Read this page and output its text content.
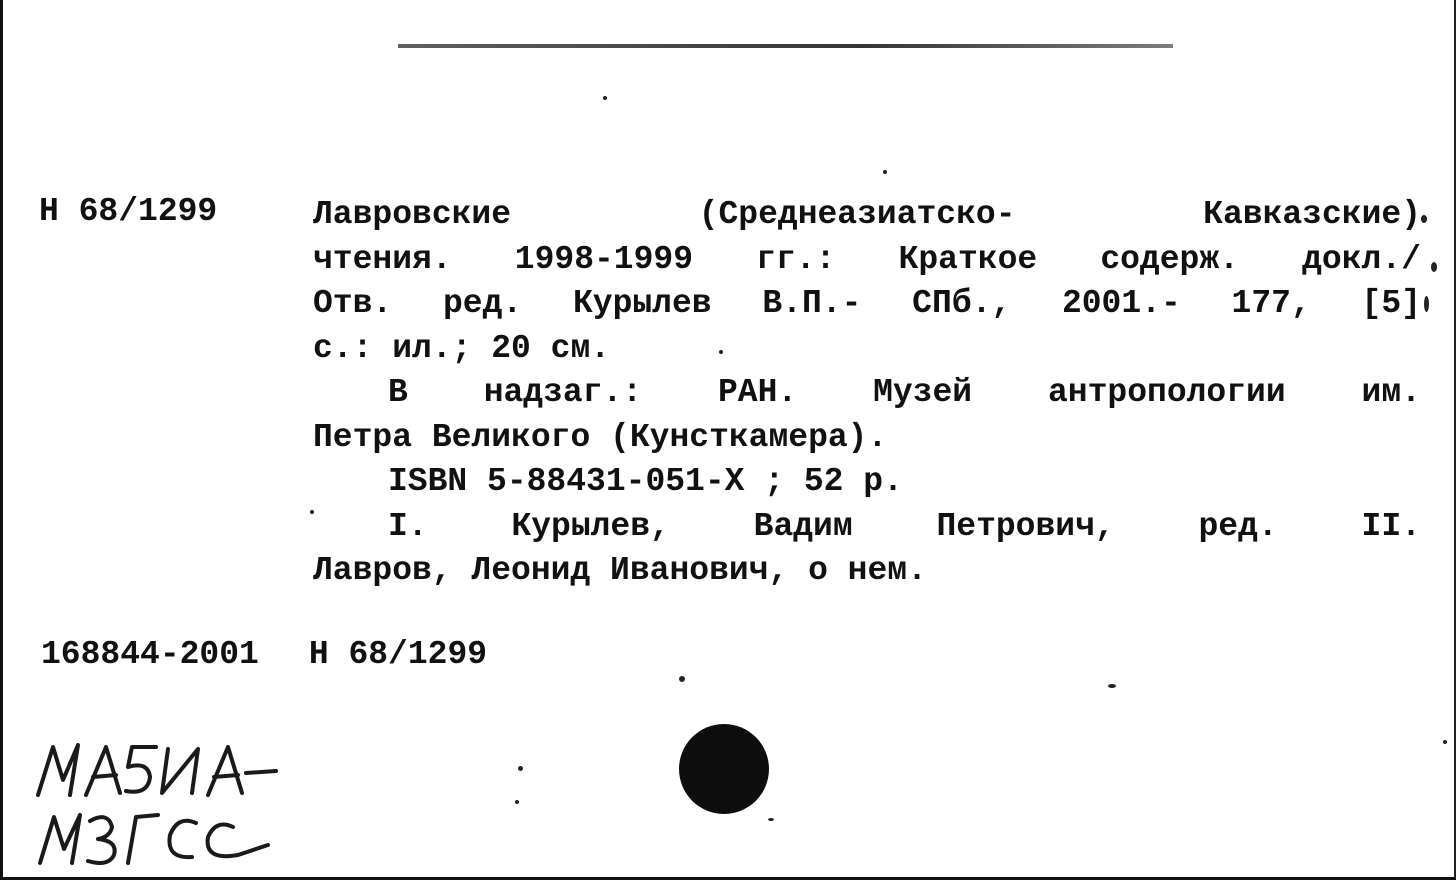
Н 68/1299	Лавровские	(Среднеазиатско-	Кавказские)
чтения. 1998-1999 гг.: Краткое содерж. докл./
Отв. ред. Курылев В.П.- СПб., 2001.- 177, [5]
с.: ил.; 20 см.
В надзаг.: РАН. Музей антропологии им.
Петра Великого (Кунсткамера).
ISBN 5-88431-051-X ; 52 р.
I.	Курылев,	Вадим	Петрович,	ред.	II.
Лавров, Леонид Иванович, о нем.
168844-2001 Н 68/1299
